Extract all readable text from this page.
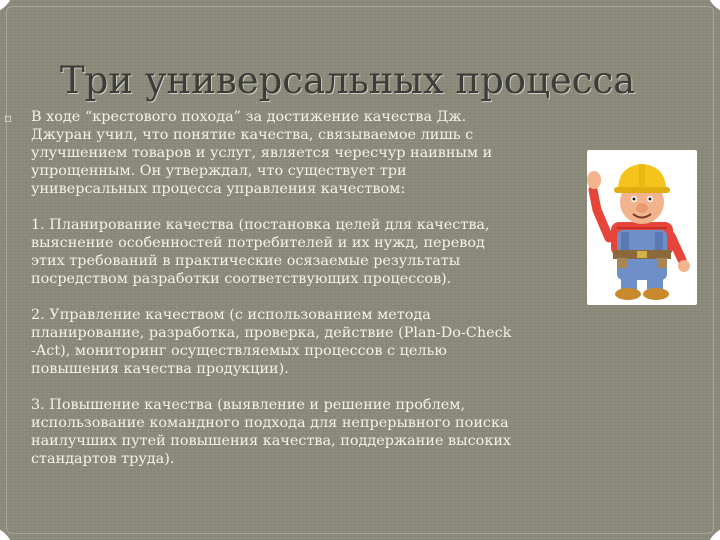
Три универсальных процесса
▫ В ходе “крестового похода” за достижение качества Дж.
Джуран учил, что понятие качества, связываемое лишь с
улучшением товаров и услуг, является чересчур наивным и
упрощенным. Он утверждал, что существует три
универсальных процесса управления качеством:

1. Планирование качества (постановка целей для качества,
выяснение особенностей потребителей и их нужд, перевод
этих требований в практические осязаемые результаты
посредством разработки соответствующих процессов).

2. Управление качеством (с использованием метода
планирование, разработка, проверка, действие (Plan-Do-Check
-Act), мониторинг осуществляемых процессов с целью
повышения качества продукции).

3. Повышение качества (выявление и решение проблем,
использование командного подхода для непрерывного поиска
наилучших путей повышения качества, поддержание высоких
стандартов труда).
